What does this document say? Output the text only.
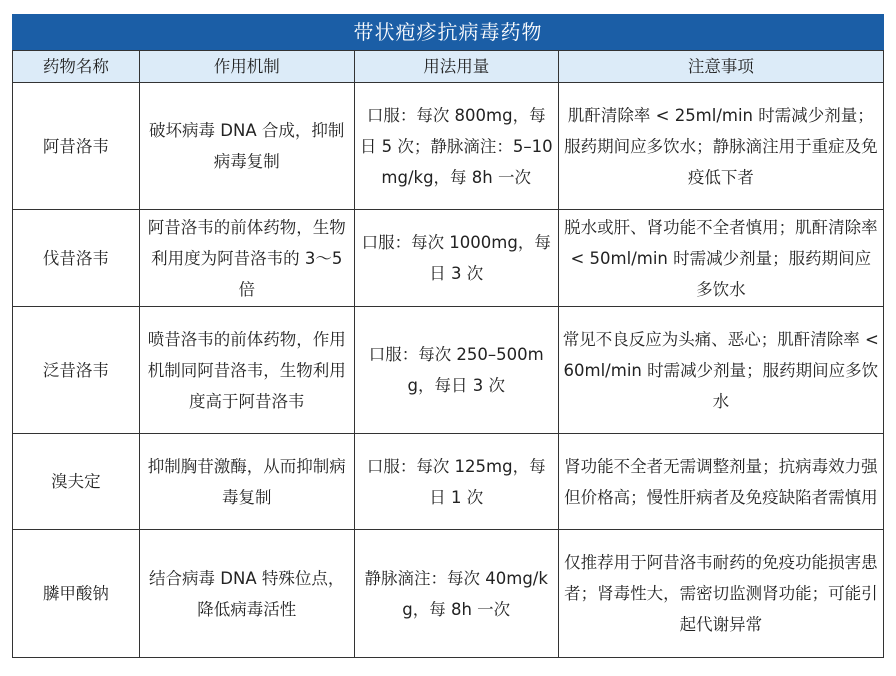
带状疱疹抗病毒药物
药物名称	作用机制	用法用量	注意事项
阿昔洛韦	破坏病毒 DNA 合成，抑制病毒复制	口服：每次 800mg，每日 5 次；静脉滴注：5–10mg/kg，每 8h 一次	肌酐清除率 < 25ml/min 时需减少剂量；服药期间应多饮水；静脉滴注用于重症及免疫低下者
伐昔洛韦	阿昔洛韦的前体药物，生物利用度为阿昔洛韦的 3～5 倍	口服：每次 1000mg，每日 3 次	脱水或肝、肾功能不全者慎用；肌酐清除率 < 50ml/min 时需减少剂量；服药期间应多饮水
泛昔洛韦	喷昔洛韦的前体药物，作用机制同阿昔洛韦，生物利用度高于阿昔洛韦	口服：每次 250–500mg，每日 3 次	常见不良反应为头痛、恶心；肌酐清除率 < 60ml/min 时需减少剂量；服药期间应多饮水
溴夫定	抑制胸苷激酶，从而抑制病毒复制	口服：每次 125mg，每日 1 次	肾功能不全者无需调整剂量；抗病毒效力强但价格高；慢性肝病者及免疫缺陷者需慎用
膦甲酸钠	结合病毒 DNA 特殊位点，降低病毒活性	静脉滴注：每次 40mg/kg，每 8h 一次	仅推荐用于阿昔洛韦耐药的免疫功能损害患者；肾毒性大，需密切监测肾功能；可能引起代谢异常
